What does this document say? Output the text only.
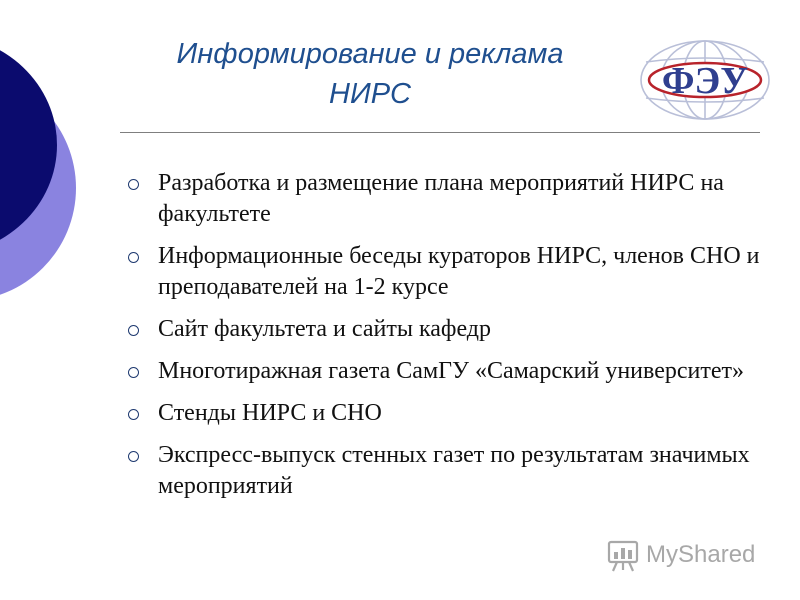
Информирование и реклама
НИРС	ФЭУ
Разработка и размещение плана мероприятий НИРС на факультете
Информационные беседы кураторов НИРС, членов СНО и преподавателей на 1-2 курсе
Сайт факультета и сайты кафедр
Многотиражная газета СамГУ «Самарский университет»
Стенды НИРС и СНО
Экспресс-выпуск стенных газет по результатам значимых мероприятий
MyShared
